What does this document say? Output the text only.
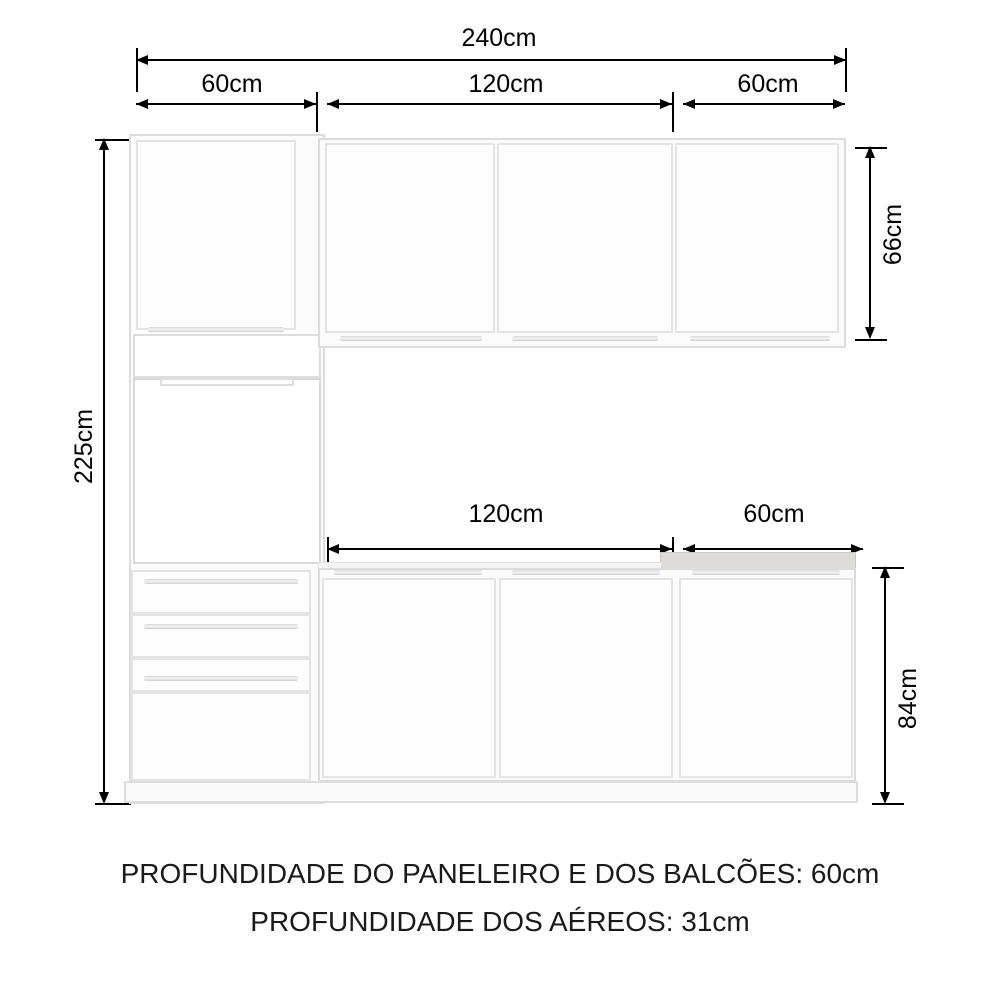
240cm
60cm	120cm	60cm
225cm
66cm
120cm	60cm
84cm
PROFUNDIDADE DO PANELEIRO E DOS BALCÕES: 60cm
PROFUNDIDADE DOS AÉREOS: 31cm
